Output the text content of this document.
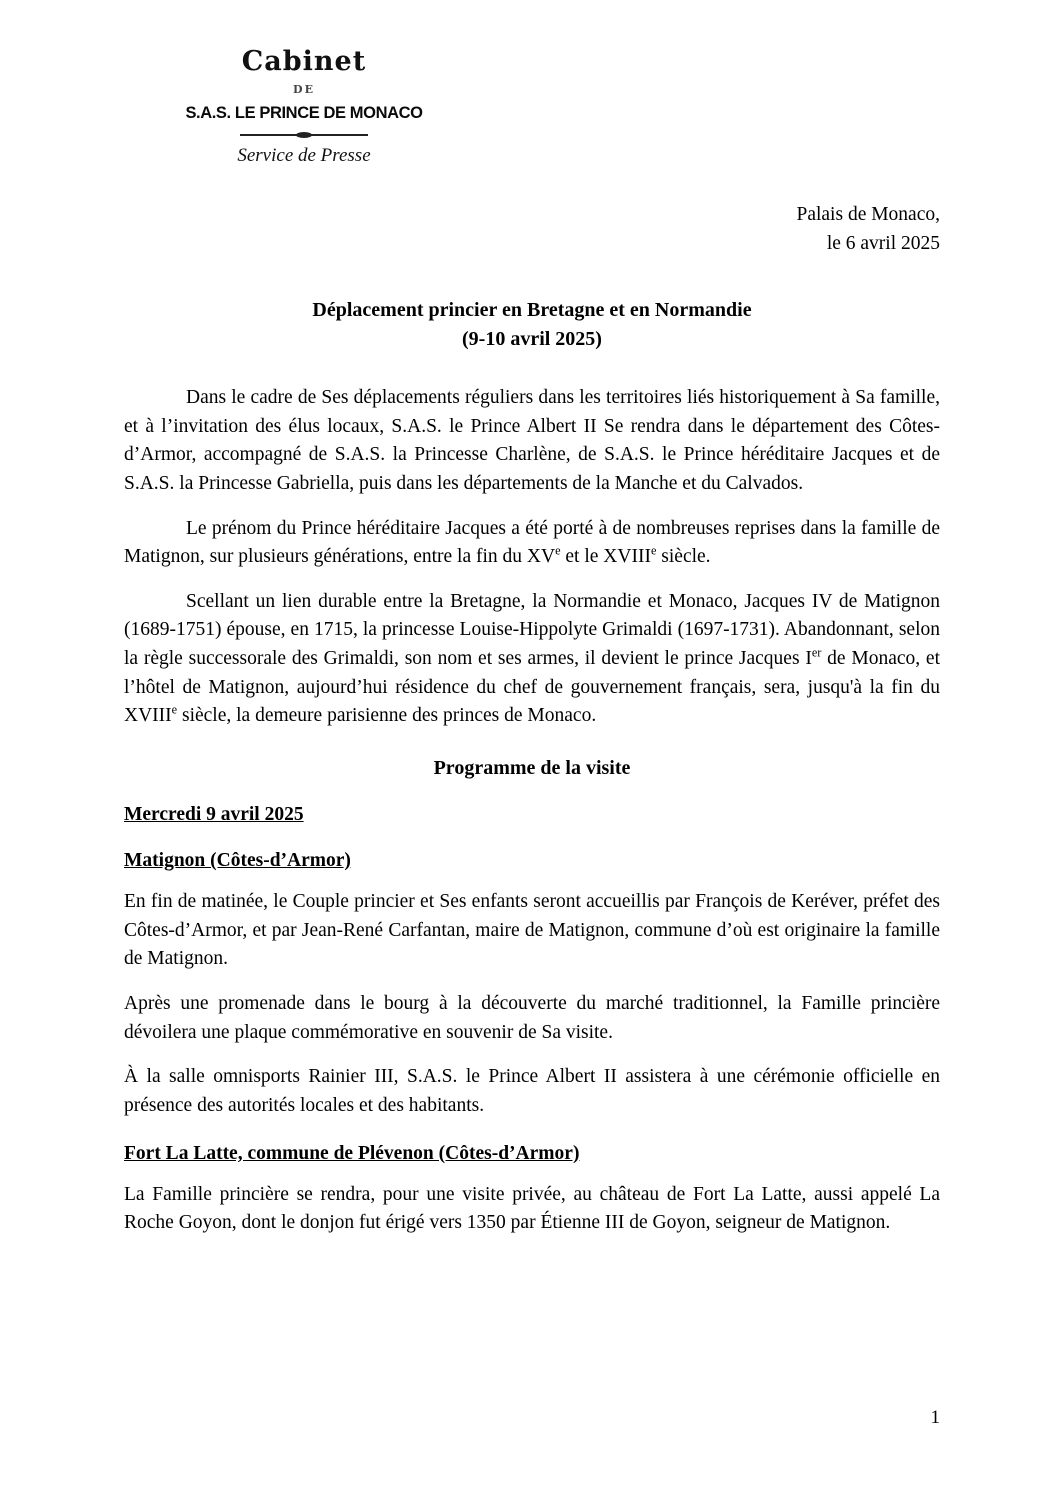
Cabinet
DE
S.A.S. LE PRINCE DE MONACO
Service de Presse
Palais de Monaco,
le 6 avril 2025
Déplacement princier en Bretagne et en Normandie
(9-10 avril 2025)

Dans le cadre de Ses déplacements réguliers dans les territoires liés historiquement à Sa famille, et à l’invitation des élus locaux, S.A.S. le Prince Albert II Se rendra dans le département des Côtes-d’Armor, accompagné de S.A.S. la Princesse Charlène, de S.A.S. le Prince héréditaire Jacques et de S.A.S. la Princesse Gabriella, puis dans les départements de la Manche et du Calvados.

Le prénom du Prince héréditaire Jacques a été porté à de nombreuses reprises dans la famille de Matignon, sur plusieurs générations, entre la fin du XVe et le XVIIIe siècle.

Scellant un lien durable entre la Bretagne, la Normandie et Monaco, Jacques IV de Matignon (1689-1751) épouse, en 1715, la princesse Louise-Hippolyte Grimaldi (1697-1731). Abandonnant, selon la règle successorale des Grimaldi, son nom et ses armes, il devient le prince Jacques Ier de Monaco, et l’hôtel de Matignon, aujourd’hui résidence du chef de gouvernement français, sera, jusqu'à la fin du XVIIIe siècle, la demeure parisienne des princes de Monaco.

Programme de la visite
Mercredi 9 avril 2025
Matignon (Côtes-d’Armor)

En fin de matinée, le Couple princier et Ses enfants seront accueillis par François de Keréver, préfet des Côtes-d’Armor, et par Jean-René Carfantan, maire de Matignon, commune d’où est originaire la famille de Matignon.

Après une promenade dans le bourg à la découverte du marché traditionnel, la Famille princière dévoilera une plaque commémorative en souvenir de Sa visite.

À la salle omnisports Rainier III, S.A.S. le Prince Albert II assistera à une cérémonie officielle en présence des autorités locales et des habitants.

Fort La Latte, commune de Plévenon (Côtes-d’Armor)

La Famille princière se rendra, pour une visite privée, au château de Fort La Latte, aussi appelé La Roche Goyon, dont le donjon fut érigé vers 1350 par Étienne III de Goyon, seigneur de Matignon.

1
